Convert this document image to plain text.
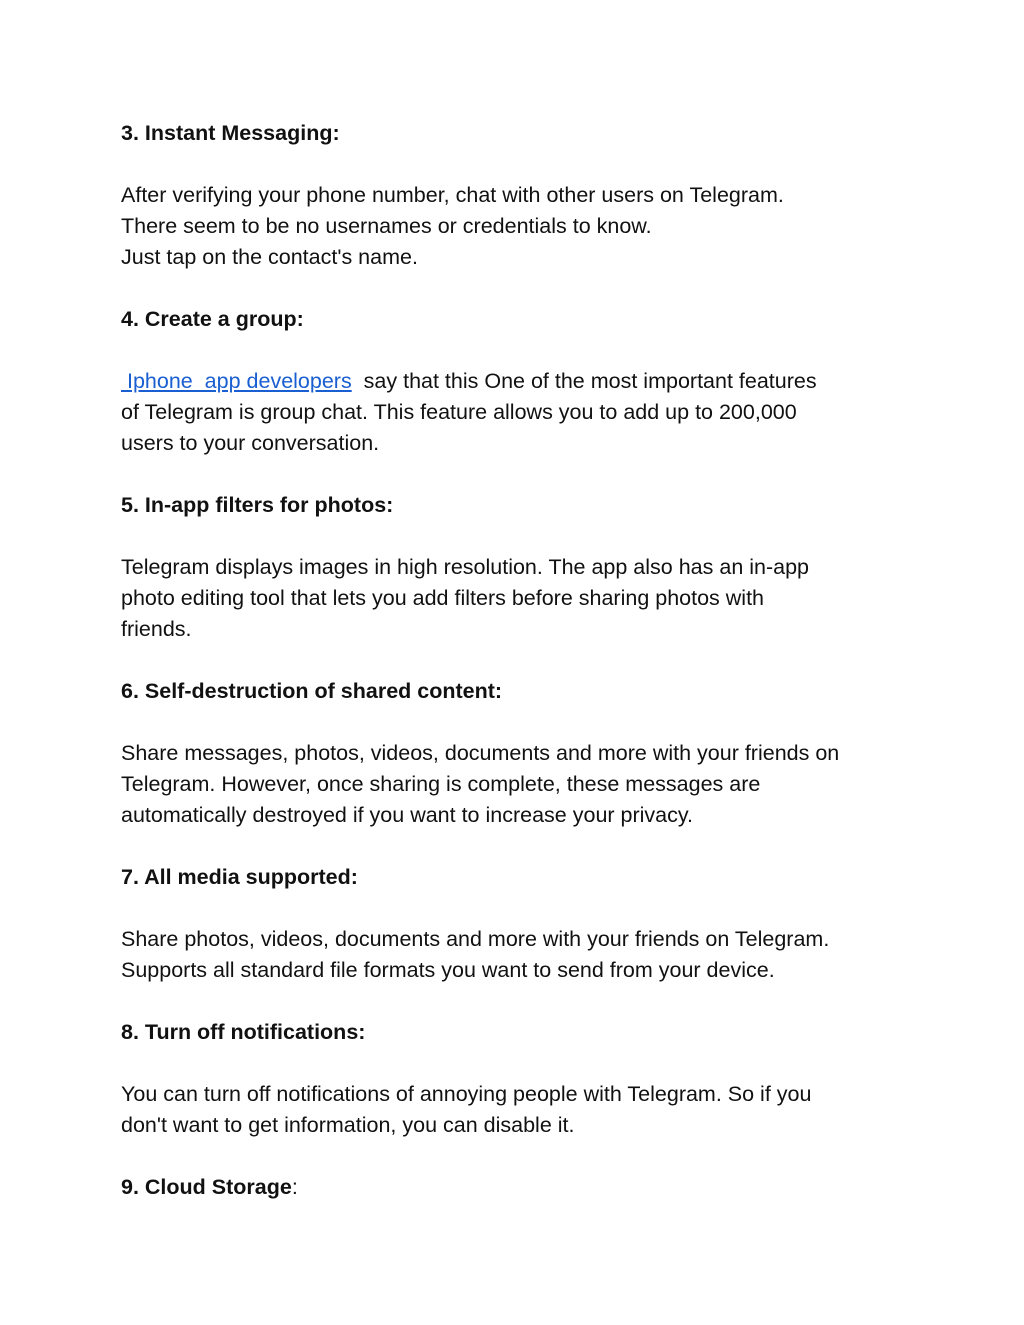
3. Instant Messaging:

After verifying your phone number, chat with other users on Telegram.
There seem to be no usernames or credentials to know.
Just tap on the contact's name.

4. Create a group:

Iphone  app developers  say that this One of the most important features
of Telegram is group chat. This feature allows you to add up to 200,000
users to your conversation.

5. In-app filters for photos:

Telegram displays images in high resolution. The app also has an in-app
photo editing tool that lets you add filters before sharing photos with
friends.

6. Self-destruction of shared content:

Share messages, photos, videos, documents and more with your friends on
Telegram. However, once sharing is complete, these messages are
automatically destroyed if you want to increase your privacy.

7. All media supported:

Share photos, videos, documents and more with your friends on Telegram.
Supports all standard file formats you want to send from your device.

8. Turn off notifications:

You can turn off notifications of annoying people with Telegram. So if you
don't want to get information, you can disable it.

9. Cloud Storage:
